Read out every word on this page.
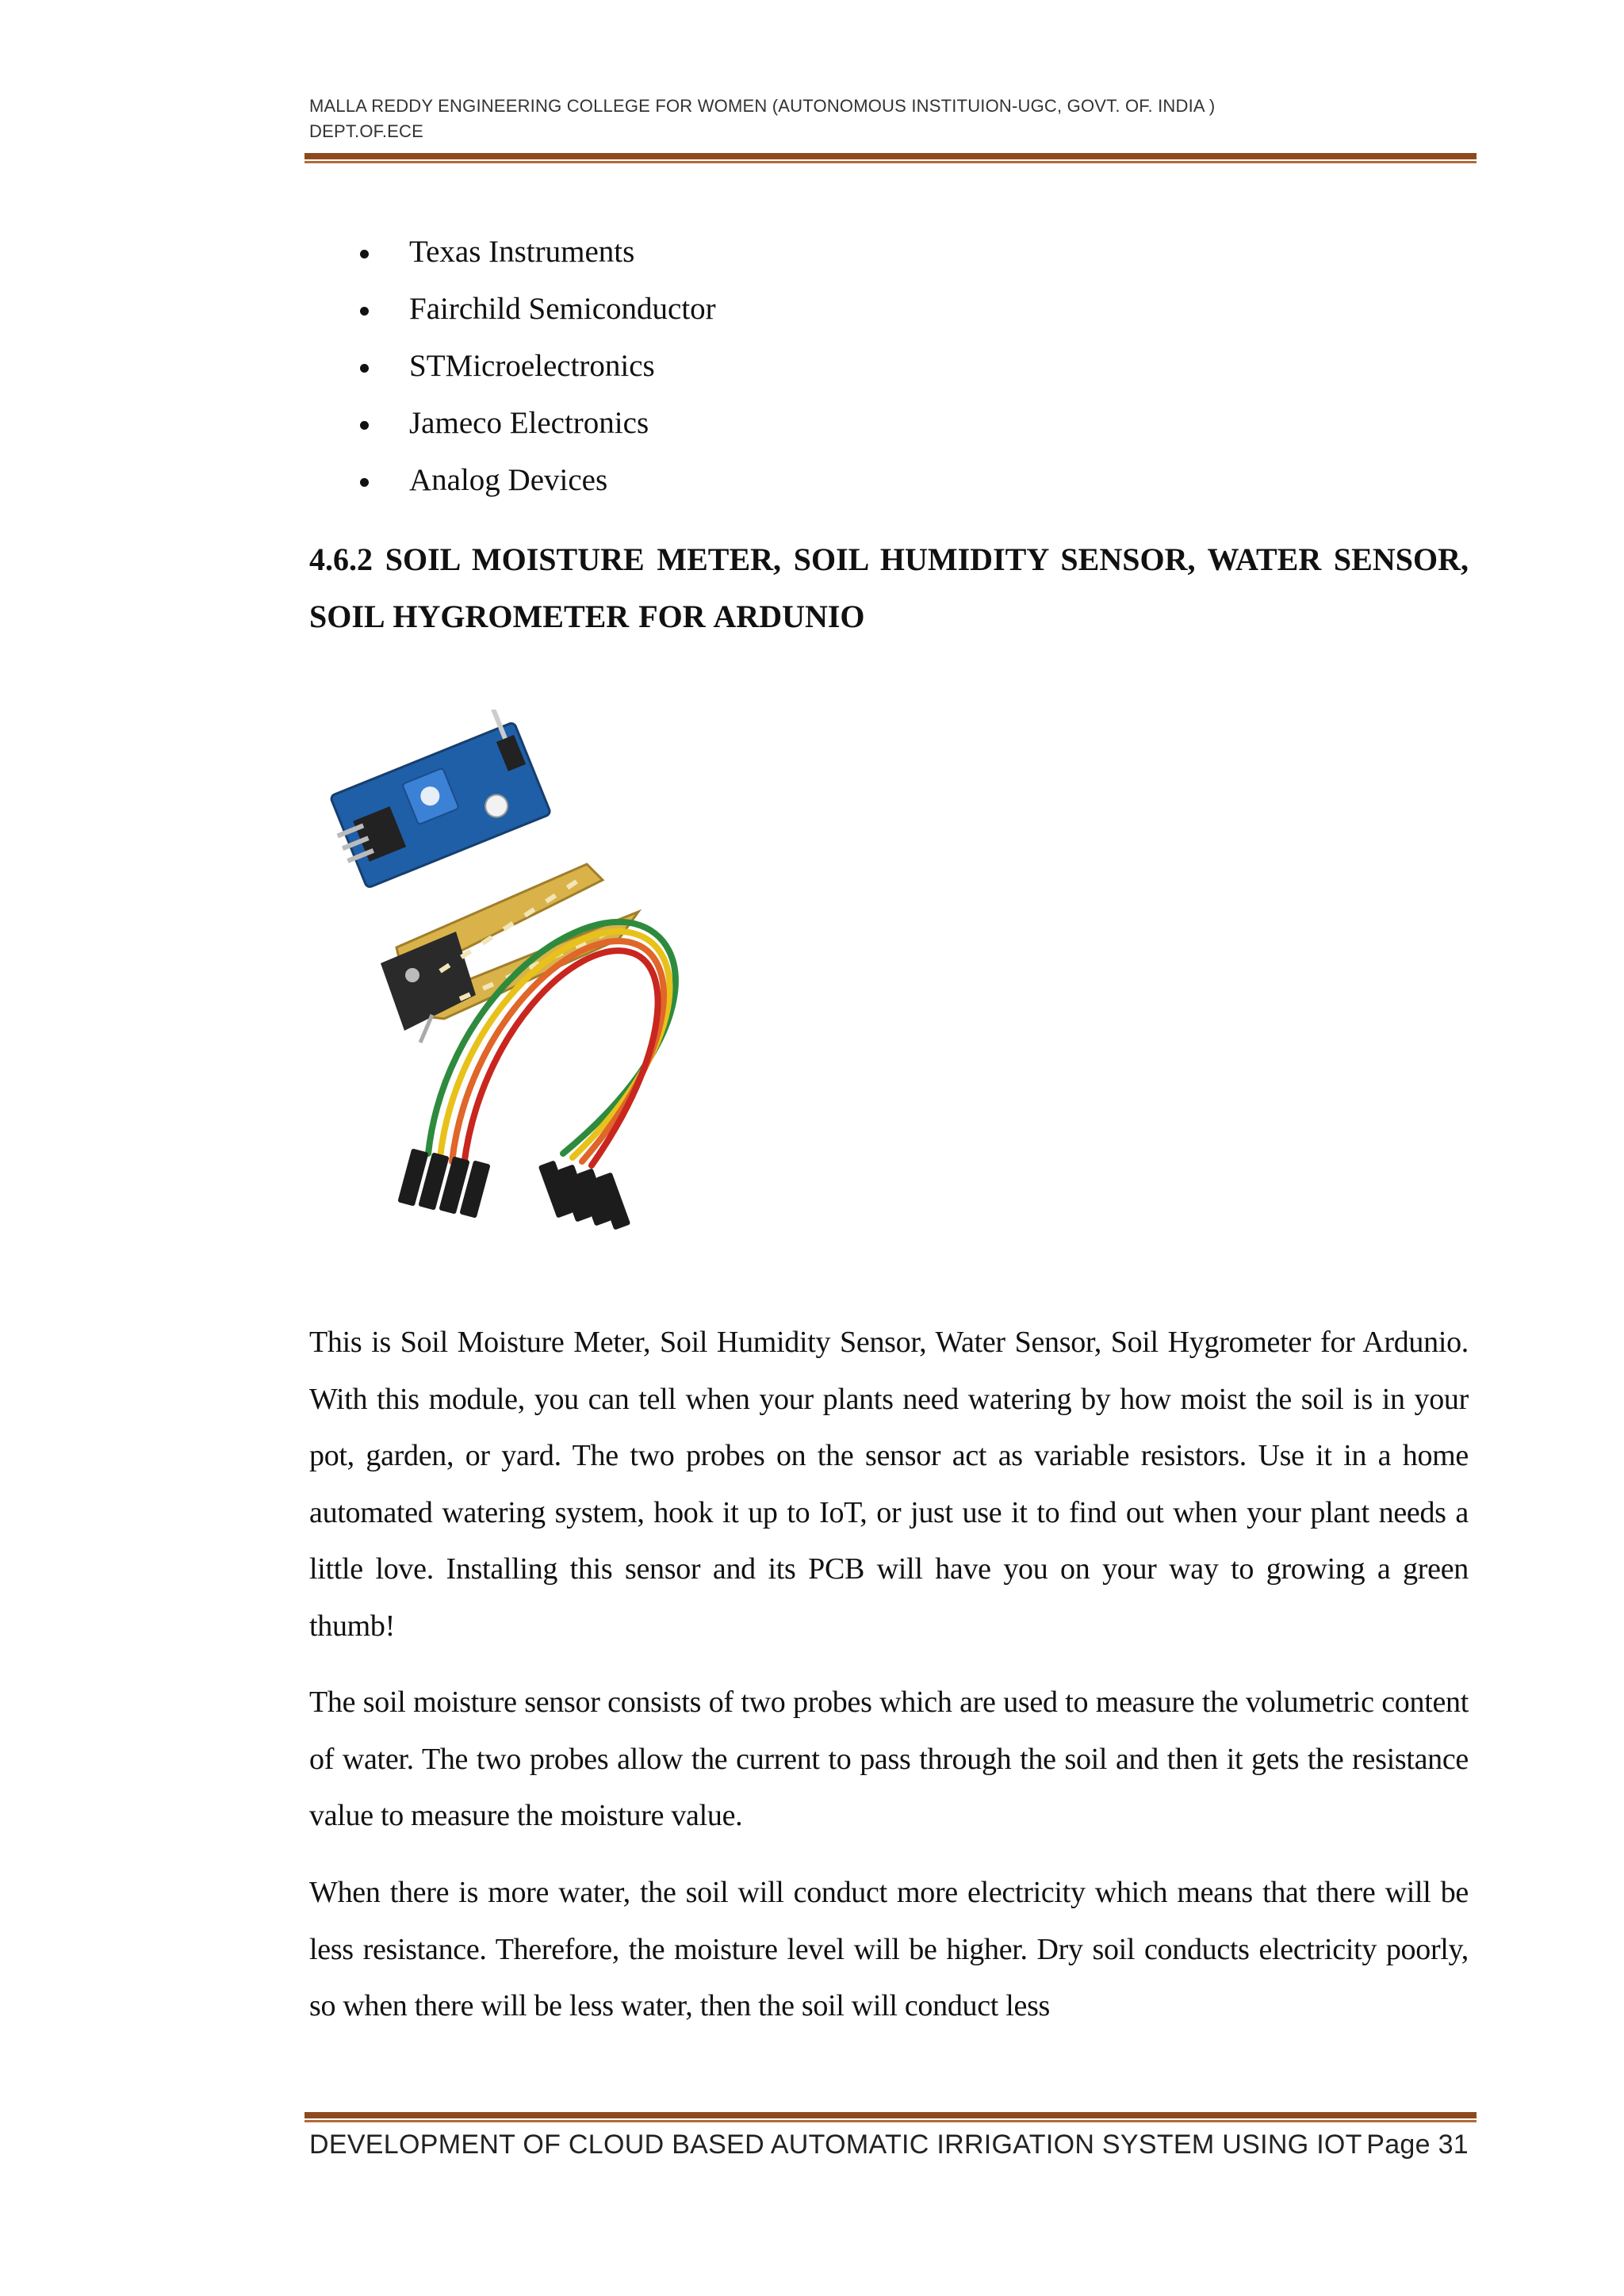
MALLA REDDY ENGINEERING COLLEGE FOR WOMEN (AUTONOMOUS INSTITUION-UGC, GOVT. OF. INDIA )
DEPT.OF.ECE
Texas Instruments
Fairchild Semiconductor
STMicroelectronics
Jameco Electronics
Analog Devices
4.6.2 SOIL MOISTURE METER, SOIL HUMIDITY SENSOR, WATER SENSOR, SOIL HYGROMETER FOR ARDUNIO

This is Soil Moisture Meter, Soil Humidity Sensor, Water Sensor, Soil Hygrometer for Ardunio. With this module, you can tell when your plants need watering by how moist the soil is in your pot, garden, or yard. The two probes on the sensor act as variable resistors. Use it in a home automated watering system, hook it up to IoT, or just use it to find out when your plant needs a little love. Installing this sensor and its PCB will have you on your way to growing a green thumb!

The soil moisture sensor consists of two probes which are used to measure the volumetric content of water. The two probes allow the current to pass through the soil and then it gets the resistance value to measure the moisture value.

When there is more water, the soil will conduct more electricity which means that there will be less resistance. Therefore, the moisture level will be higher. Dry soil conducts electricity poorly, so when there will be less water, then the soil will conduct less

DEVELOPMENT OF CLOUD BASED AUTOMATIC IRRIGATION SYSTEM USING IOT Page 31
